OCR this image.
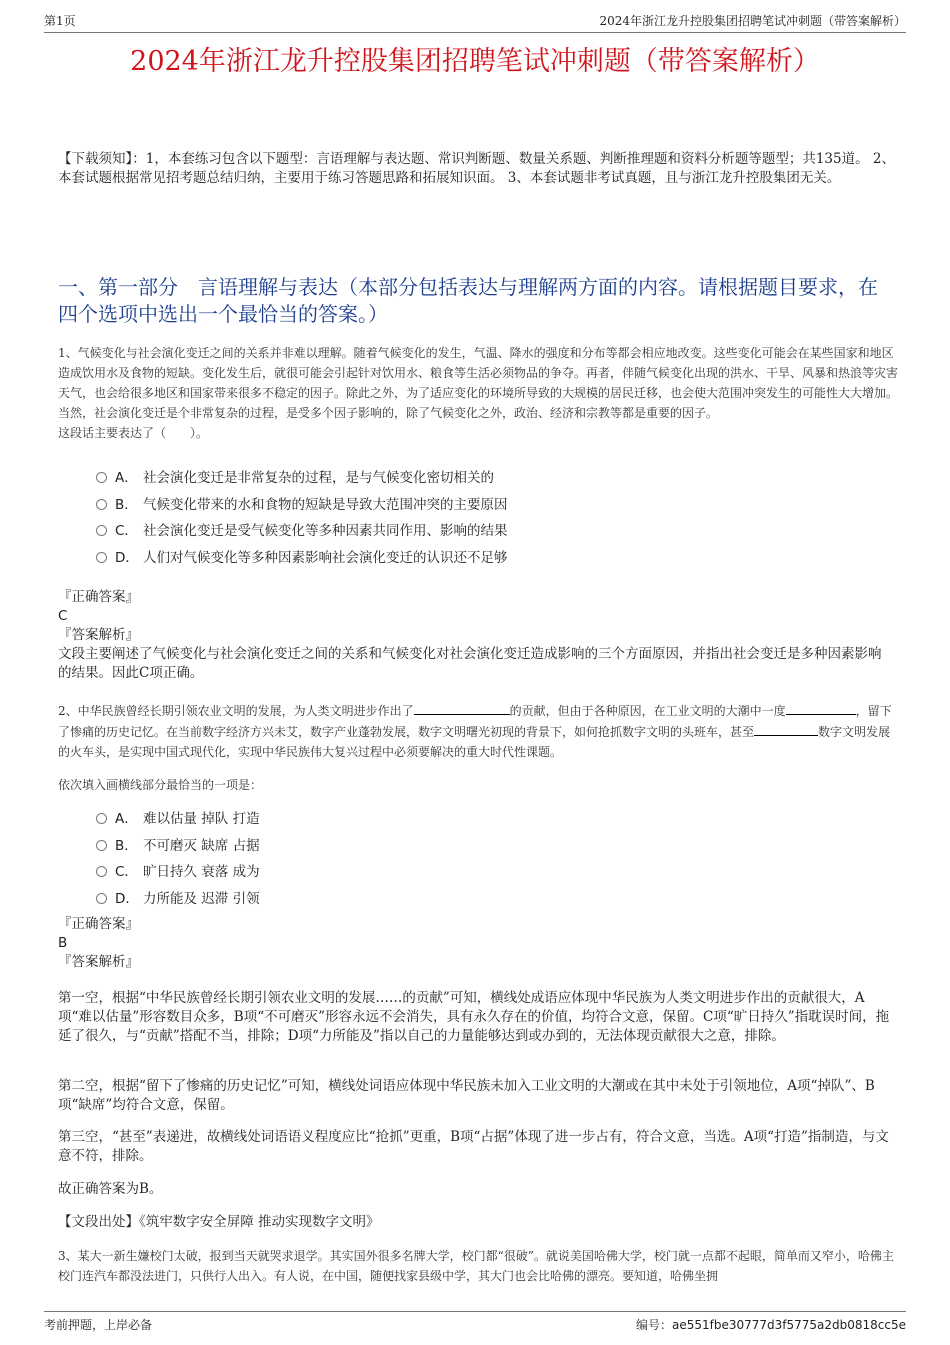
第1页	2024年浙江龙升控股集团招聘笔试冲刺题（带答案解析）
2024年浙江龙升控股集团招聘笔试冲刺题（带答案解析）
【下载须知】：1，本套练习包含以下题型：言语理解与表达题、常识判断题、数量关系题、判断推理题和资料分析题等题型；共135道。 2、本套试题根据常见招考题总结归纳，主要用于练习答题思路和拓展知识面。 3、本套试题非考试真题，且与浙江龙升控股集团无关。
一、第一部分　言语理解与表达（本部分包括表达与理解两方面的内容。请根据题目要求，在四个选项中选出一个最恰当的答案。）
1、气候变化与社会演化变迁之间的关系并非难以理解。随着气候变化的发生，气温、降水的强度和分布等都会相应地改变。这些变化可能会在某些国家和地区造成饮用水及食物的短缺。变化发生后，就很可能会引起针对饮用水、粮食等生活必须物品的争夺。再者，伴随气候变化出现的洪水、干旱、风暴和热浪等灾害天气，也会给很多地区和国家带来很多不稳定的因子。除此之外，为了适应变化的环境所导致的大规模的居民迁移，也会使大范围冲突发生的可能性大大增加。当然，社会演化变迁是个非常复杂的过程，是受多个因子影响的，除了气候变化之外，政治、经济和宗教等都是重要的因子。
这段话主要表达了（　　）。
A． 社会演化变迁是非常复杂的过程，是与气候变化密切相关的
B． 气候变化带来的水和食物的短缺是导致大范围冲突的主要原因
C． 社会演化变迁是受气候变化等多种因素共同作用、影响的结果
D． 人们对气候变化等多种因素影响社会演化变迁的认识还不足够

『正确答案』

C

『答案解析』

文段主要阐述了气候变化与社会演化变迁之间的关系和气候变化对社会演化变迁造成影响的三个方面原因，并指出社会变迁是多种因素影响的结果。因此C项正确。

2、中华民族曾经长期引领农业文明的发展，为人类文明进步作出了	的贡献，但由于各种原因，在工业文明的大潮中一度	，留下了惨痛的历史记忆。在当前数字经济方兴未艾，数字产业蓬勃发展，数字文明曙光初现的背景下，如何抢抓数字文明的头班车，甚至	数字文明发展的火车头，是实现中国式现代化，实现中华民族伟大复兴过程中必须要解决的重大时代性课题。
依次填入画横线部分最恰当的一项是：
A． 难以估量 掉队 打造
B． 不可磨灭 缺席 占据
C． 旷日持久 衰落 成为
D． 力所能及 迟滞 引领

『正确答案』

B

『答案解析』

第一空，根据“中华民族曾经长期引领农业文明的发展……的贡献”可知，横线处成语应体现中华民族为人类文明进步作出的贡献很大，A项“难以估量”形容数目众多，B项“不可磨灭”形容永远不会消失，具有永久存在的价值，均符合文意，保留。C项“旷日持久”指耽误时间，拖延了很久，与“贡献”搭配不当，排除；D项“力所能及”指以自己的力量能够达到或办到的，无法体现贡献很大之意，排除。
第二空，根据“留下了惨痛的历史记忆”可知，横线处词语应体现中华民族未加入工业文明的大潮或在其中未处于引领地位，A项“掉队”、B项“缺席”均符合文意，保留。
第三空，“甚至”表递进，故横线处词语语义程度应比“抢抓”更重，B项“占据”体现了进一步占有，符合文意，当选。A项“打造”指制造，与文意不符，排除。
故正确答案为B。
【文段出处】《筑牢数字安全屏障 推动实现数字文明》
3、某大一新生嫌校门太破，报到当天就哭求退学。其实国外很多名牌大学，校门都“很破”。就说美国哈佛大学，校门就一点都不起眼，简单而又窄小，哈佛主校门连汽车都没法进门，只供行人出入。有人说，在中国，随便找家县级中学，其大门也会比哈佛的漂亮。要知道，哈佛坐拥
考前押题，上岸必备	编号：ae551fbe30777d3f5775a2db0818cc5e
